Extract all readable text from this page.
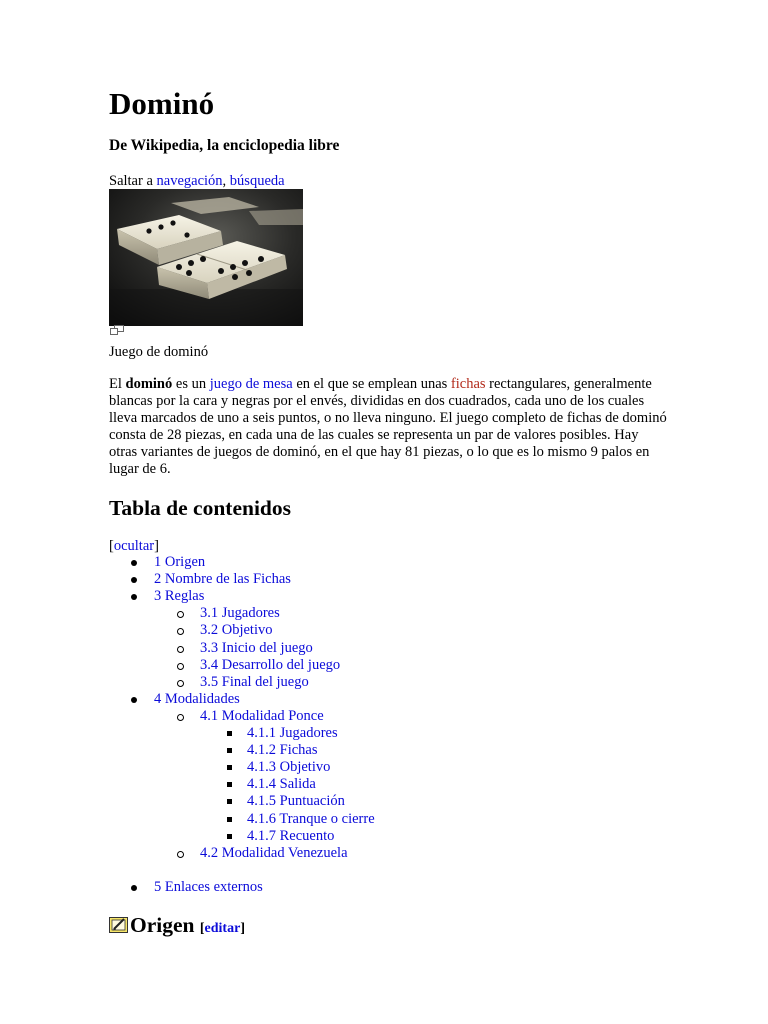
Dominó

De Wikipedia, la enciclopedia libre

Saltar a navegación, búsqueda
Juego de dominó

El dominó es un juego de mesa en el que se emplean unas fichas rectangulares, generalmente blancas por la cara y negras por el envés, divididas en dos cuadrados, cada uno de los cuales lleva marcados de uno a seis puntos, o no lleva ninguno. El juego completo de fichas de dominó consta de 28 piezas, en cada una de las cuales se representa un par de valores posibles. Hay otras variantes de juegos de dominó, en el que hay 81 piezas, o lo que es lo mismo 9 palos en lugar de 6.

Tabla de contenidos
[ocultar]
1 Origen
2 Nombre de las Fichas
3 Reglas
3.1 Jugadores
3.2 Objetivo
3.3 Inicio del juego
3.4 Desarrollo del juego
3.5 Final del juego
4 Modalidades
4.1 Modalidad Ponce
4.1.1 Jugadores
4.1.2 Fichas
4.1.3 Objetivo
4.1.4 Salida
4.1.5 Puntuación
4.1.6 Tranque o cierre
4.1.7 Recuento
4.2 Modalidad Venezuela
5 Enlaces externos
Origen [editar]
